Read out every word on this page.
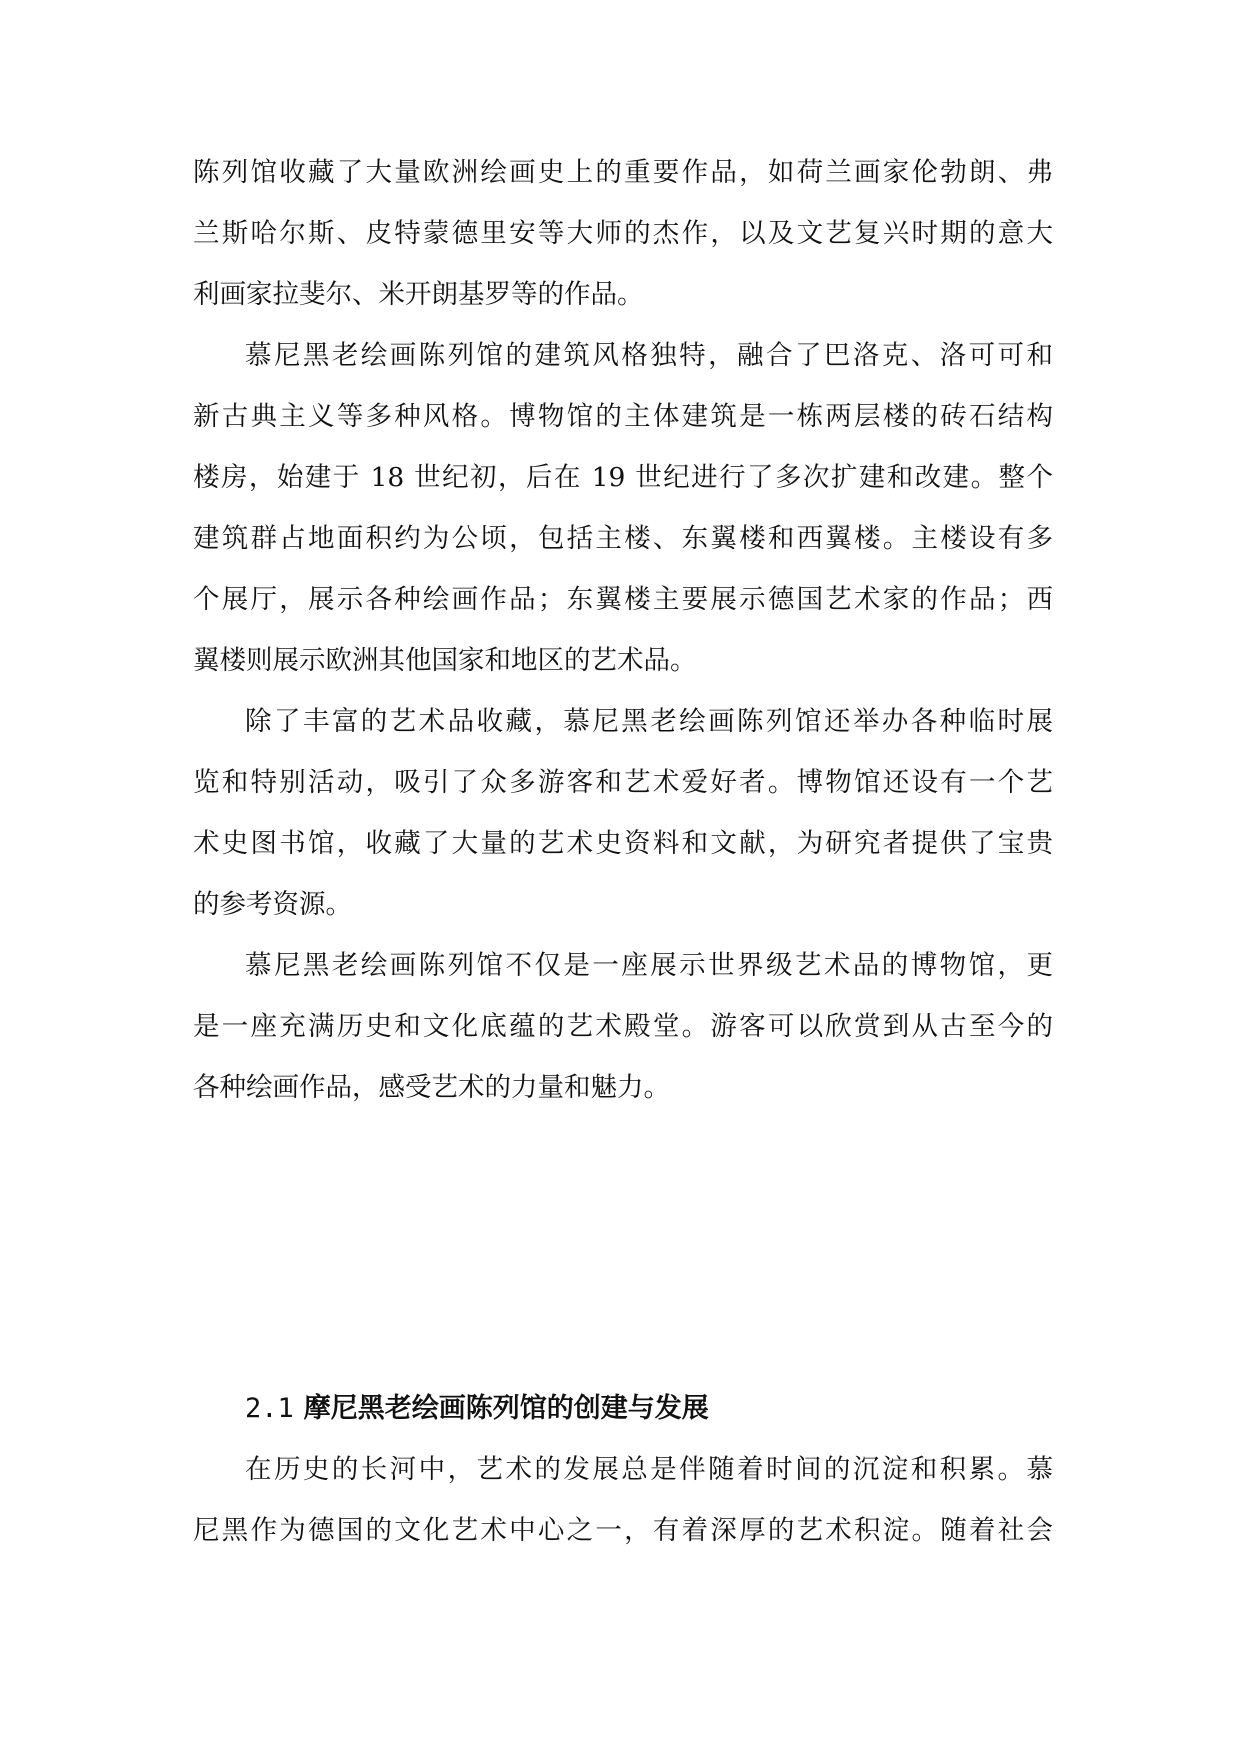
陈列馆收藏了大量欧洲绘画史上的重要作品，如荷兰画家伦勃朗、弗
兰斯哈尔斯、皮特蒙德里安等大师的杰作，以及文艺复兴时期的意大
利画家拉斐尔、米开朗基罗等的作品。
慕尼黑老绘画陈列馆的建筑风格独特，融合了巴洛克、洛可可和
新古典主义等多种风格。博物馆的主体建筑是一栋两层楼的砖石结构
楼房，始建于 18 世纪初，后在 19 世纪进行了多次扩建和改建。整个
建筑群占地面积约为公顷，包括主楼、东翼楼和西翼楼。主楼设有多
个展厅，展示各种绘画作品；东翼楼主要展示德国艺术家的作品；西
翼楼则展示欧洲其他国家和地区的艺术品。
除了丰富的艺术品收藏，慕尼黑老绘画陈列馆还举办各种临时展
览和特别活动，吸引了众多游客和艺术爱好者。博物馆还设有一个艺
术史图书馆，收藏了大量的艺术史资料和文献，为研究者提供了宝贵
的参考资源。
慕尼黑老绘画陈列馆不仅是一座展示世界级艺术品的博物馆，更
是一座充满历史和文化底蕴的艺术殿堂。游客可以欣赏到从古至今的
各种绘画作品，感受艺术的力量和魅力。
2.1 摩尼黑老绘画陈列馆的创建与发展
在历史的长河中，艺术的发展总是伴随着时间的沉淀和积累。慕
尼黑作为德国的文化艺术中心之一，有着深厚的艺术积淀。随着社会
